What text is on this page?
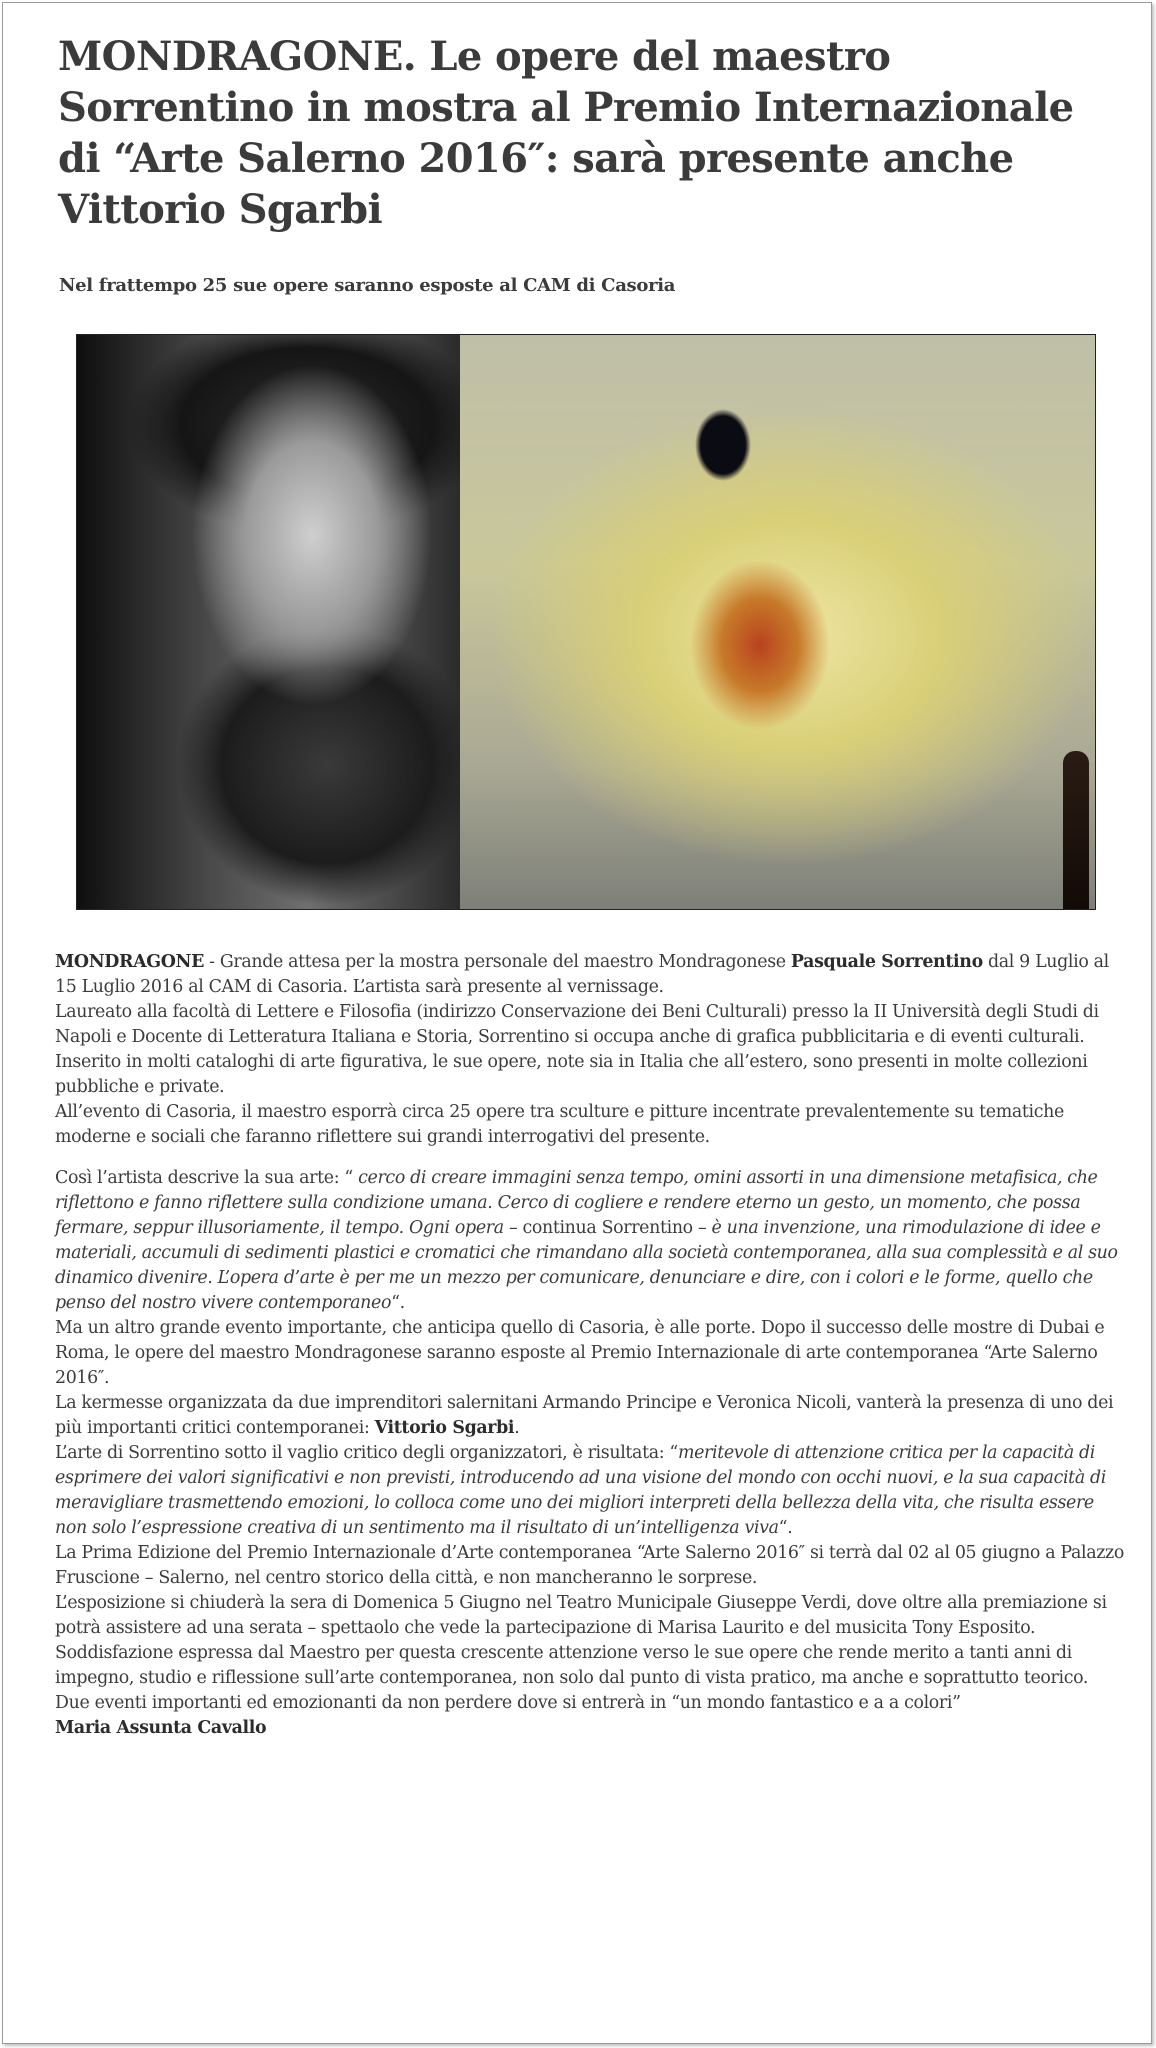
MONDRAGONE. Le opere del maestro Sorrentino in mostra al Premio Internazionale di “Arte Salerno 2016″: sarà presente anche Vittorio Sgarbi
Nel frattempo 25 sue opere saranno esposte al CAM di Casoria

MONDRAGONE - Grande attesa per la mostra personale del maestro Mondragonese Pasquale Sorrentino dal 9 Luglio al 15 Luglio 2016 al CAM di Casoria. L’artista sarà presente al vernissage.

Laureato alla facoltà di Lettere e Filosofia (indirizzo Conservazione dei Beni Culturali) presso la II Università degli Studi di Napoli e Docente di Letteratura Italiana e Storia, Sorrentino si occupa anche di grafica pubblicitaria e di eventi culturali. Inserito in molti cataloghi di arte figurativa, le sue opere, note sia in Italia che all’estero, sono presenti in molte collezioni pubbliche e private.

All’evento di Casoria, il maestro esporrà circa 25 opere tra sculture e pitture incentrate prevalentemente su tematiche moderne e sociali che faranno riflettere sui grandi interrogativi del presente.

Così l’artista descrive la sua arte: “ cerco di creare immagini senza tempo, omini assorti in una dimensione metafisica, che riflettono e fanno riflettere sulla condizione umana. Cerco di cogliere e rendere eterno un gesto, un momento, che possa fermare, seppur illusoriamente, il tempo. Ogni opera – continua Sorrentino – è una invenzione, una rimodulazione di idee e materiali, accumuli di sedimenti plastici e cromatici che rimandano alla società contemporanea, alla sua complessità e al suo dinamico divenire. L’opera d’arte è per me un mezzo per comunicare, denunciare e dire, con i colori e le forme, quello che penso del nostro vivere contemporaneo“.

Ma un altro grande evento importante, che anticipa quello di Casoria, è alle porte. Dopo il successo delle mostre di Dubai e Roma, le opere del maestro Mondragonese saranno esposte al Premio Internazionale di arte contemporanea “Arte Salerno 2016″.

La kermesse organizzata da due imprenditori salernitani Armando Principe e Veronica Nicoli, vanterà la presenza di uno dei più importanti critici contemporanei: Vittorio Sgarbi.

L’arte di Sorrentino sotto il vaglio critico degli organizzatori, è risultata: “meritevole di attenzione critica per la capacità di esprimere dei valori significativi e non previsti, introducendo ad una visione del mondo con occhi nuovi, e la sua capacità di meravigliare trasmettendo emozioni, lo colloca come uno dei migliori interpreti della bellezza della vita, che risulta essere non solo l’espressione creativa di un sentimento ma il risultato di un’intelligenza viva“.

La Prima Edizione del Premio Internazionale d’Arte contemporanea “Arte Salerno 2016″ si terrà dal 02 al 05 giugno a Palazzo Fruscione – Salerno, nel centro storico della città, e non mancheranno le sorprese.

L’esposizione si chiuderà la sera di Domenica 5 Giugno nel Teatro Municipale Giuseppe Verdi, dove oltre alla premiazione si potrà assistere ad una serata – spettaolo che vede la partecipazione di Marisa Laurito e del musicita Tony Esposito.

Soddisfazione espressa dal Maestro per questa crescente attenzione verso le sue opere che rende merito a tanti anni di impegno, studio e riflessione sull’arte contemporanea, non solo dal punto di vista pratico, ma anche e soprattutto teorico.

Due eventi importanti ed emozionanti da non perdere dove si entrerà in “un mondo fantastico e a a colori”

Maria Assunta Cavallo
